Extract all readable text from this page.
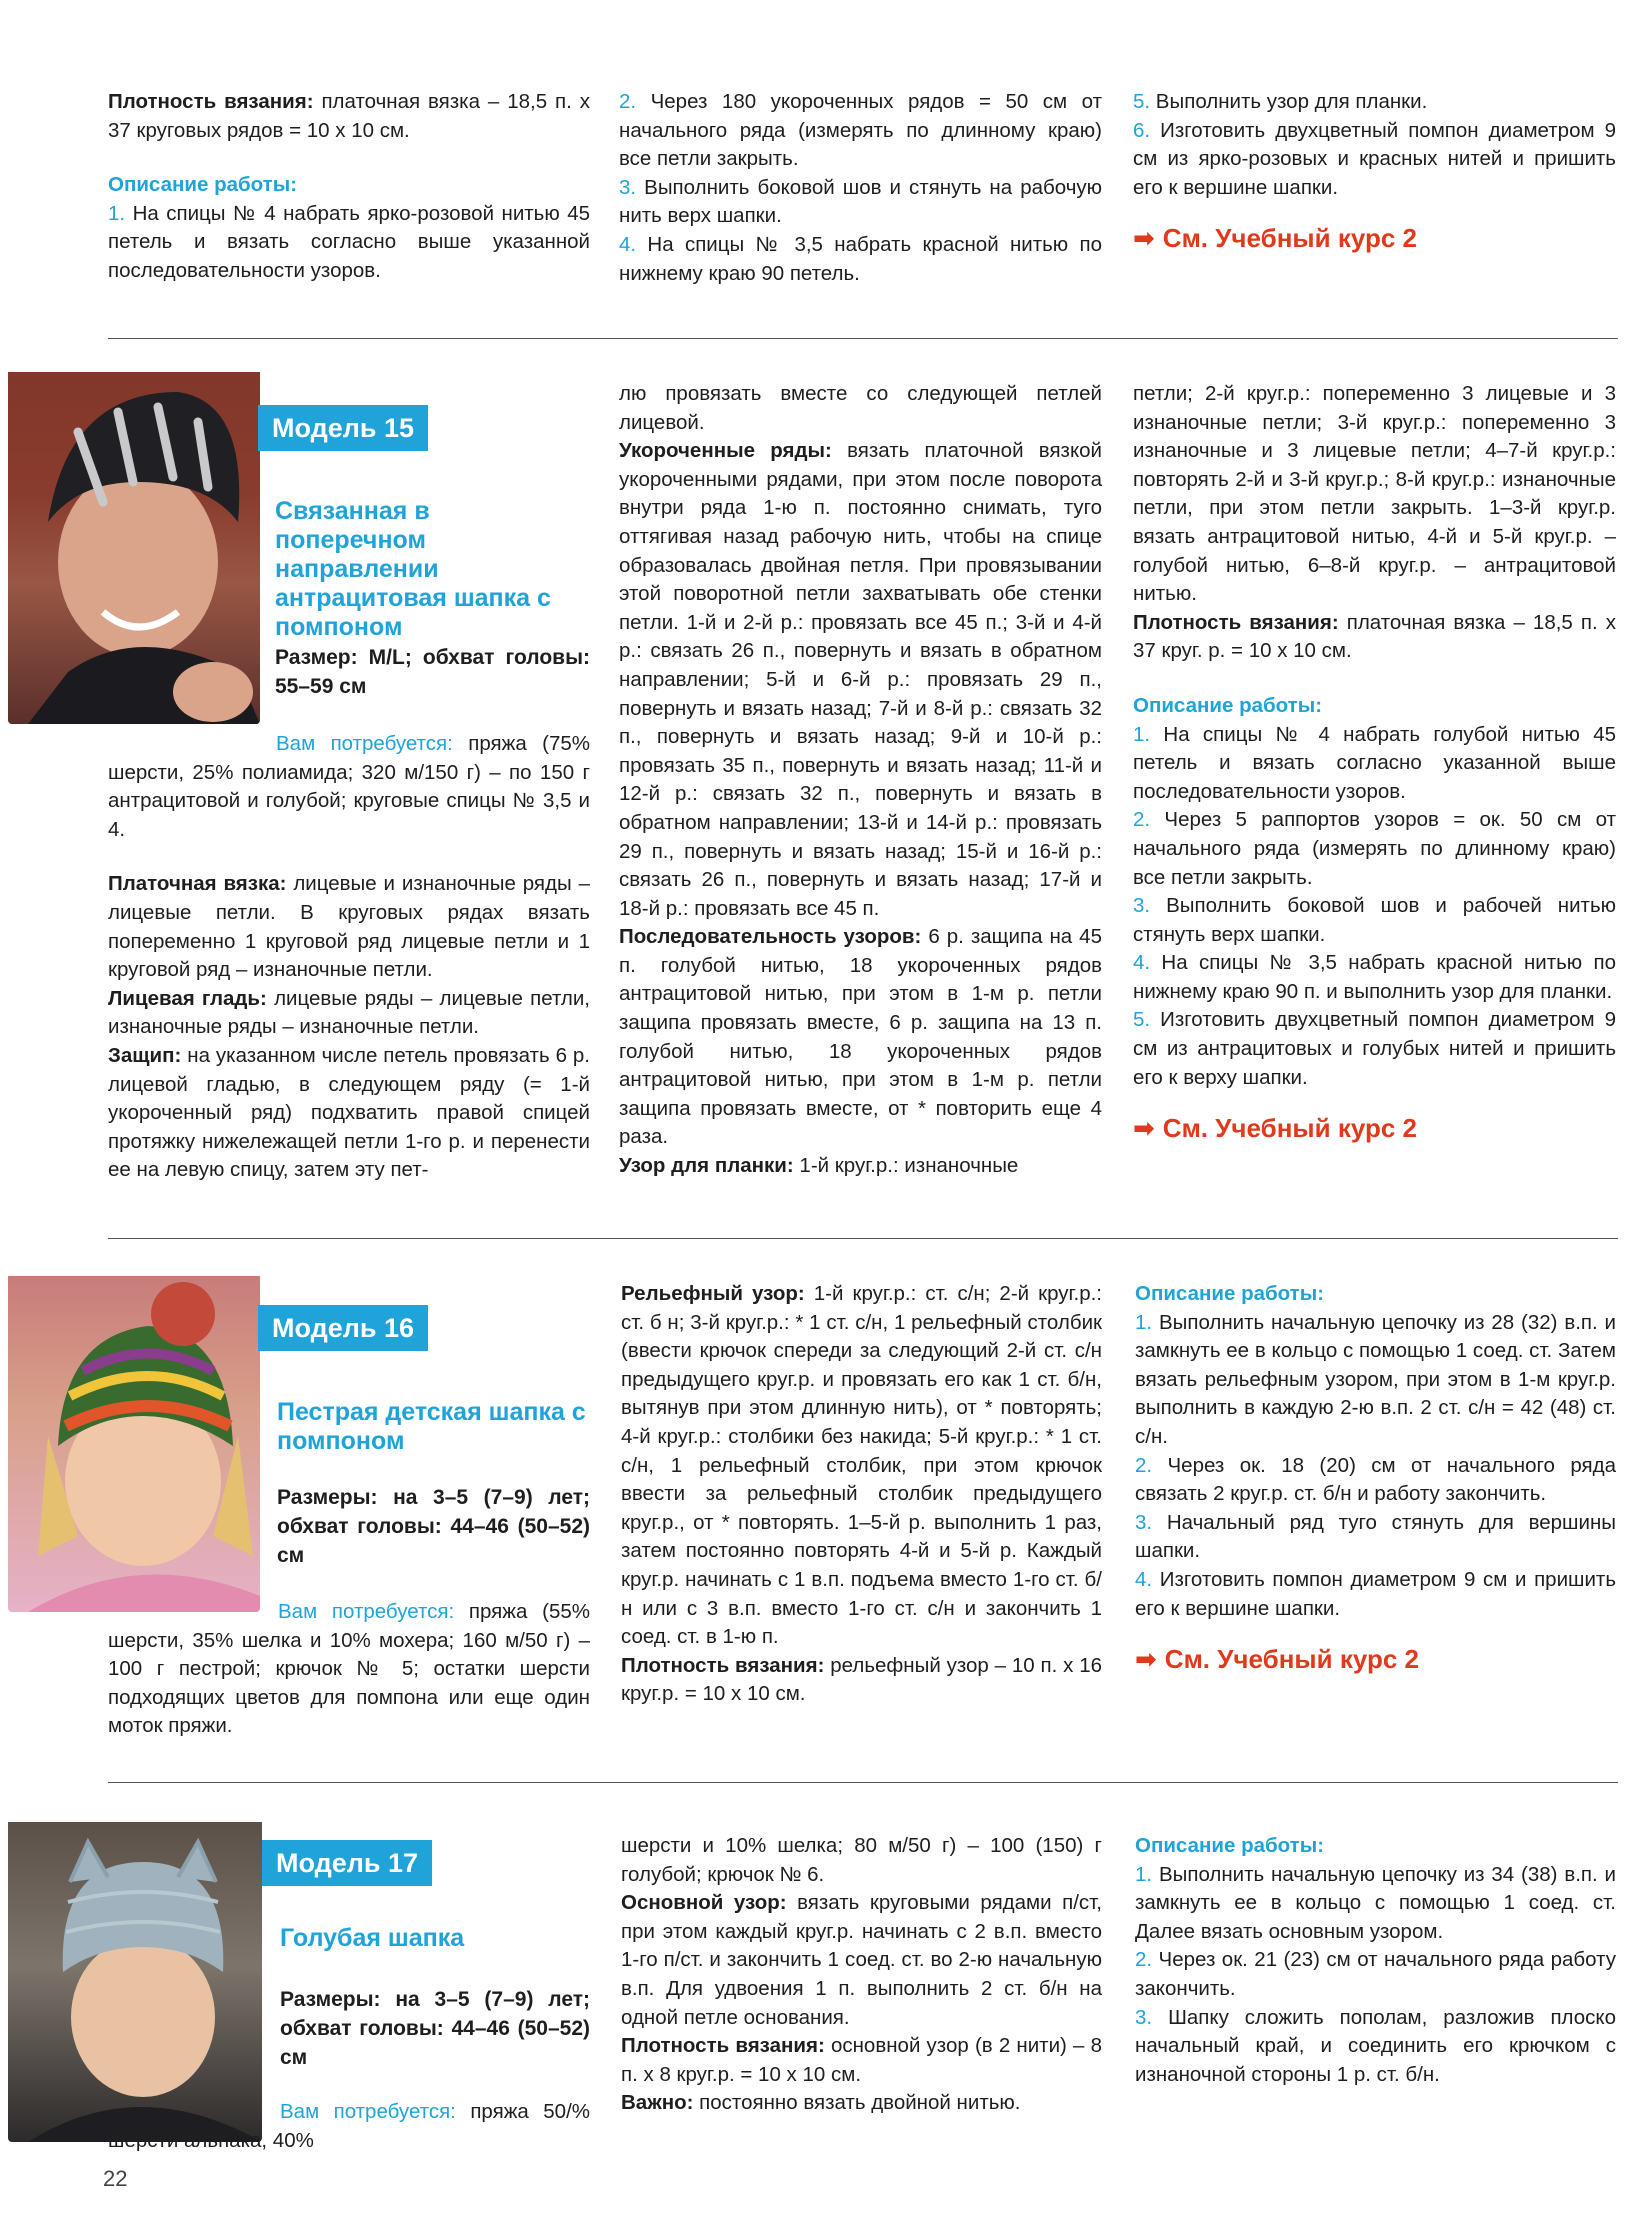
Плотность вязания: платочная вязка – 18,5 п. х 37 круговых рядов = 10 х 10 см.

Описание работы:

1. На спицы № 4 набрать ярко-розовой нитью 45 петель и вязать согласно выше указанной последовательности узоров.

2. Через 180 укороченных рядов = 50 см от начального ряда (измерять по длинному краю) все петли закрыть.

3. Выполнить боковой шов и стянуть на рабочую нить верх шапки.

4. На спицы № 3,5 набрать красной нитью по нижнему краю 90 петель.

5. Выполнить узор для планки.

6. Изготовить двухцветный помпон диаметром 9 см из ярко-розовых и красных нитей и пришить его к вершине шапки.

➡ См. Учебный курс 2
Модель 15
Связанная в поперечном направлении антрацитовая шапка с помпоном
Размер: M/L; обхват головы: 55–59 см

Вам потребуется: пряжа (75% шерсти, 25% полиамида; 320 м/150 г) – по 150 г антрацитовой и голубой; круговые спицы № 3,5 и 4.

Платочная вязка: лицевые и изнаночные ряды – лицевые петли. В круговых рядах вязать попеременно 1 круговой ряд лицевые петли и 1 круговой ряд – изнаночные петли.

Лицевая гладь: лицевые ряды – лицевые петли, изнаночные ряды – изнаночные петли.

Защип: на указанном числе петель провязать 6 р. лицевой гладью, в следующем ряду (= 1-й укороченный ряд) подхватить правой спицей протяжку нижележащей петли 1-го р. и перенести ее на левую спицу, затем эту пет-

лю провязать вместе со следующей петлей лицевой.

Укороченные ряды: вязать платочной вязкой укороченными рядами, при этом после поворота внутри ряда 1-ю п. постоянно снимать, туго оттягивая назад рабочую нить, чтобы на спице образовалась двойная петля. При провязывании этой поворотной петли захватывать обе стенки петли. 1-й и 2-й р.: провязать все 45 п.; 3-й и 4-й р.: связать 26 п., повернуть и вязать в обратном направлении; 5-й и 6-й р.: провязать 29 п., повернуть и вязать назад; 7-й и 8-й р.: связать 32 п., повернуть и вязать назад; 9-й и 10-й р.: провязать 35 п., повернуть и вязать назад; 11-й и 12-й р.: связать 32 п., повернуть и вязать в обратном направлении; 13-й и 14-й р.: провязать 29 п., повернуть и вязать назад; 15-й и 16-й р.: связать 26 п., повернуть и вязать назад; 17-й и 18-й р.: провязать все 45 п.

Последовательность узоров: 6 р. защипа на 45 п. голубой нитью, 18 укороченных рядов антрацитовой нитью, при этом в 1-м р. петли защипа провязать вместе, 6 р. защипа на 13 п. голубой нитью, 18 укороченных рядов антрацитовой нитью, при этом в 1-м р. петли защипа провязать вместе, от * повторить еще 4 раза.

Узор для планки: 1-й круг.р.: изнаночные

петли; 2-й круг.р.: попеременно 3 лицевые и 3 изнаночные петли; 3-й круг.р.: попеременно 3 изнаночные и 3 лицевые петли; 4–7-й круг.р.: повторять 2-й и 3-й круг.р.; 8-й круг.р.: изнаночные петли, при этом петли закрыть. 1–3-й круг.р. вязать антрацитовой нитью, 4-й и 5-й круг.р. – голубой нитью, 6–8-й круг.р. – антрацитовой нитью.

Плотность вязания: платочная вязка – 18,5 п. х 37 круг. р. = 10 х 10 см.

Описание работы:

1. На спицы № 4 набрать голубой нитью 45 петель и вязать согласно указанной выше последовательности узоров.

2. Через 5 раппортов узоров = ок. 50 см от начального ряда (измерять по длинному краю) все петли закрыть.

3. Выполнить боковой шов и рабочей нитью стянуть верх шапки.

4. На спицы № 3,5 набрать красной нитью по нижнему краю 90 п. и выполнить узор для планки.

5. Изготовить двухцветный помпон диаметром 9 см из антрацитовых и голубых нитей и пришить его к верху шапки.

➡ См. Учебный курс 2
Модель 16
Пестрая детская шапка с помпоном
Размеры: на 3–5 (7–9) лет; обхват головы: 44–46 (50–52) см

Вам потребуется: пряжа (55% шерсти, 35% шелка и 10% мохера; 160 м/50 г) – 100 г пестрой; крючок № 5; остатки шерсти подходящих цветов для помпона или еще один моток пряжи.

Рельефный узор: 1-й круг.р.: ст. с/н; 2-й круг.р.: ст. б н; 3-й круг.р.: * 1 ст. с/н, 1 рельефный столбик (ввести крючок спереди за следующий 2-й ст. с/н предыдущего круг.р. и провязать его как 1 ст. б/н, вытянув при этом длинную нить), от * повторять; 4-й круг.р.: столбики без накида; 5-й круг.р.: * 1 ст. с/н, 1 рельефный столбик, при этом крючок ввести за рельефный столбик предыдущего круг.р., от * повторять. 1–5-й р. выполнить 1 раз, затем постоянно повторять 4-й и 5-й р. Каждый круг.р. начинать с 1 в.п. подъема вместо 1-го ст. б/н или с 3 в.п. вместо 1-го ст. с/н и закончить 1 соед. ст. в 1-ю п.

Плотность вязания: рельефный узор – 10 п. х 16 круг.р. = 10 х 10 см.

Описание работы:

1. Выполнить начальную цепочку из 28 (32) в.п. и замкнуть ее в кольцо с помощью 1 соед. ст. Затем вязать рельефным узором, при этом в 1-м круг.р. выполнить в каждую 2-ю в.п. 2 ст. с/н = 42 (48) ст. с/н.

2. Через ок. 18 (20) см от начального ряда связать 2 круг.р. ст. б/н и работу закончить.

3. Начальный ряд туго стянуть для вершины шапки.

4. Изготовить помпон диаметром 9 см и пришить его к вершине шапки.

➡ См. Учебный курс 2
Модель 17
Голубая шапка
Размеры: на 3–5 (7–9) лет; обхват головы: 44–46 (50–52) см

Вам потребуется: пряжа 50/% шерсти альпака, 40%

шерсти и 10% шелка; 80 м/50 г) – 100 (150) г голубой; крючок № 6.

Основной узор: вязать круговыми рядами п/ст, при этом каждый круг.р. начинать с 2 в.п. вместо 1-го п/ст. и закончить 1 соед. ст. во 2-ю начальную в.п. Для удвоения 1 п. выполнить 2 ст. б/н на одной петле основания.

Плотность вязания: основной узор (в 2 нити) – 8 п. х 8 круг.р. = 10 х 10 см.

Важно: постоянно вязать двойной нитью.

Описание работы:

1. Выполнить начальную цепочку из 34 (38) в.п. и замкнуть ее в кольцо с помощью 1 соед. ст. Далее вязать основным узором.

2. Через ок. 21 (23) см от начального ряда работу закончить.

3. Шапку сложить пополам, разложив плоско начальный край, и соединить его крючком с изнаночной стороны 1 р. ст. б/н.

22
